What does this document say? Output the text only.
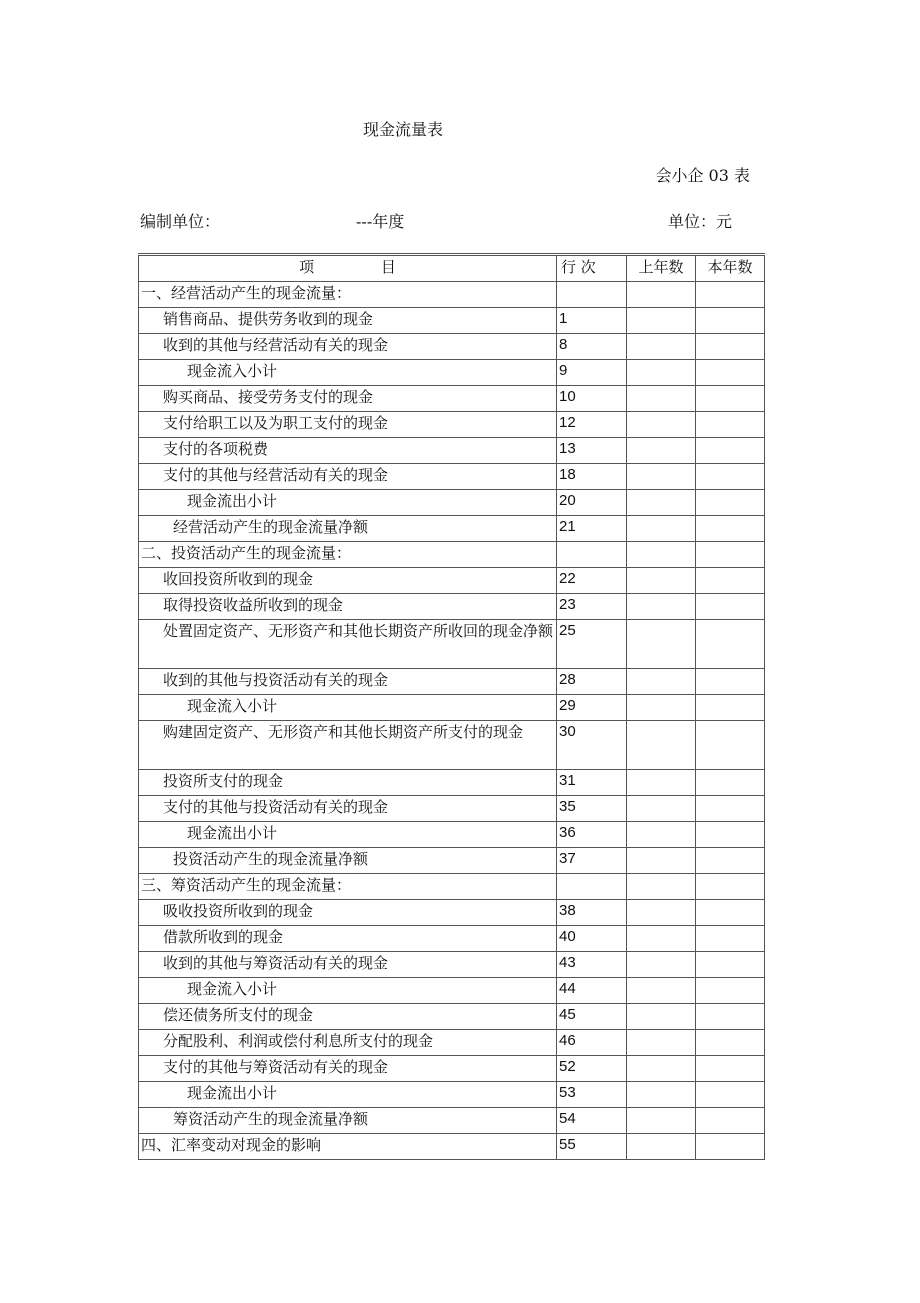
现金流量表
会小企 03 表
编制单位：	---年度	单位：元
项              目	行 次	上年数	本年数
一、经营活动产生的现金流量：			
销售商品、提供劳务收到的现金	1		
收到的其他与经营活动有关的现金	8		
现金流入小计	9		
购买商品、接受劳务支付的现金	10		
支付给职工以及为职工支付的现金	12		
支付的各项税费	13		
支付的其他与经营活动有关的现金	18		
现金流出小计	20		
经营活动产生的现金流量净额	21		
二、投资活动产生的现金流量：			
收回投资所收到的现金	22		
取得投资收益所收到的现金	23		
处置固定资产、无形资产和其他长期资产所收回的现金净额	25		
收到的其他与投资活动有关的现金	28		
现金流入小计	29		
购建固定资产、无形资产和其他长期资产所支付的现金	30		
投资所支付的现金	31		
支付的其他与投资活动有关的现金	35		
现金流出小计	36		
投资活动产生的现金流量净额	37		
三、筹资活动产生的现金流量：			
吸收投资所收到的现金	38		
借款所收到的现金	40		
收到的其他与筹资活动有关的现金	43		
现金流入小计	44		
偿还债务所支付的现金	45		
分配股利、利润或偿付利息所支付的现金	46		
支付的其他与筹资活动有关的现金	52		
现金流出小计	53		
筹资活动产生的现金流量净额	54		
四、汇率变动对现金的影响	55		
